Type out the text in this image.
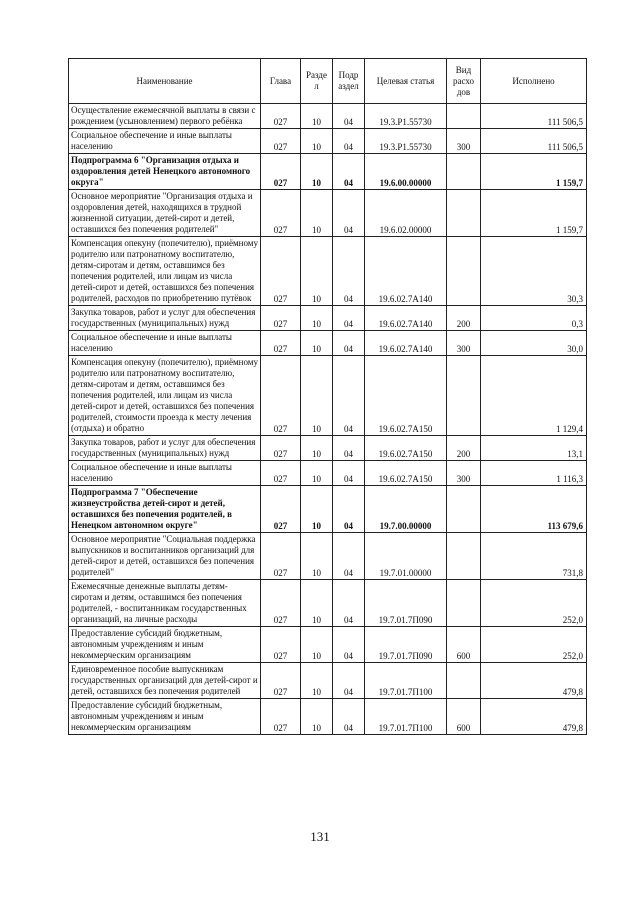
Наименование	Глава	Разде л	Подр аздел	Целевая статья	Вид расхо дов	Исполнено
Осуществление ежемесячной выплаты в связи с рождением (усыновлением) первого ребёнка	027	10	04	19.3.Р1.55730		111 506,5
Социальное обеспечение и иные выплаты населению	027	10	04	19.3.Р1.55730	300	111 506,5
Подпрограмма 6 "Организация отдыха и оздоровления детей Ненецкого автономного округа"	027	10	04	19.6.00.00000		1 159,7
Основное мероприятие "Организация отдыха и оздоровления детей, находящихся в трудной жизненной ситуации, детей-сирот и детей, оставшихся без попечения родителей"	027	10	04	19.6.02.00000		1 159,7
Компенсация опекуну (попечителю), приёмному родителю или патронатному воспитателю, детям-сиротам и детям, оставшимся без попечения родителей, или лицам из числа детей-сирот и детей, оставшихся без попечения родителей, расходов по приобретению путёвок	027	10	04	19.6.02.7А140		30,3
Закупка товаров, работ и услуг для обеспечения государственных (муниципальных) нужд	027	10	04	19.6.02.7А140	200	0,3
Социальное обеспечение и иные выплаты населению	027	10	04	19.6.02.7А140	300	30,0
Компенсация опекуну (попечителю), приёмному родителю или патронатному воспитателю, детям-сиротам и детям, оставшимся без попечения родителей, или лицам из числа детей-сирот и детей, оставшихся без попечения родителей, стоимости проезда к месту лечения (отдыха) и обратно	027	10	04	19.6.02.7А150		1 129,4
Закупка товаров, работ и услуг для обеспечения государственных (муниципальных) нужд	027	10	04	19.6.02.7А150	200	13,1
Социальное обеспечение и иные выплаты населению	027	10	04	19.6.02.7А150	300	1 116,3
Подпрограмма 7 "Обеспечение жизнеустройства детей-сирот и детей, оставшихся без попечения родителей, в Ненецком автономном округе"	027	10	04	19.7.00.00000		113 679,6
Основное мероприятие "Социальная поддержка выпускников и воспитанников организаций для детей-сирот и детей, оставшихся без попечения родителей"	027	10	04	19.7.01.00000		731,8
Ежемесячные денежные выплаты детям-сиротам и детям, оставшимся без попечения родителей, - воспитанникам государственных организаций, на личные расходы	027	10	04	19.7.01.7П090		252,0
Предоставление субсидий бюджетным, автономным учреждениям и иным некоммерческим организациям	027	10	04	19.7.01.7П090	600	252,0
Единовременное пособие выпускникам государственных организаций для детей-сирот и детей, оставшихся без попечения родителей	027	10	04	19.7.01.7П100		479,8
Предоставление субсидий бюджетным, автономным учреждениям и иным некоммерческим организациям	027	10	04	19.7.01.7П100	600	479,8
131
